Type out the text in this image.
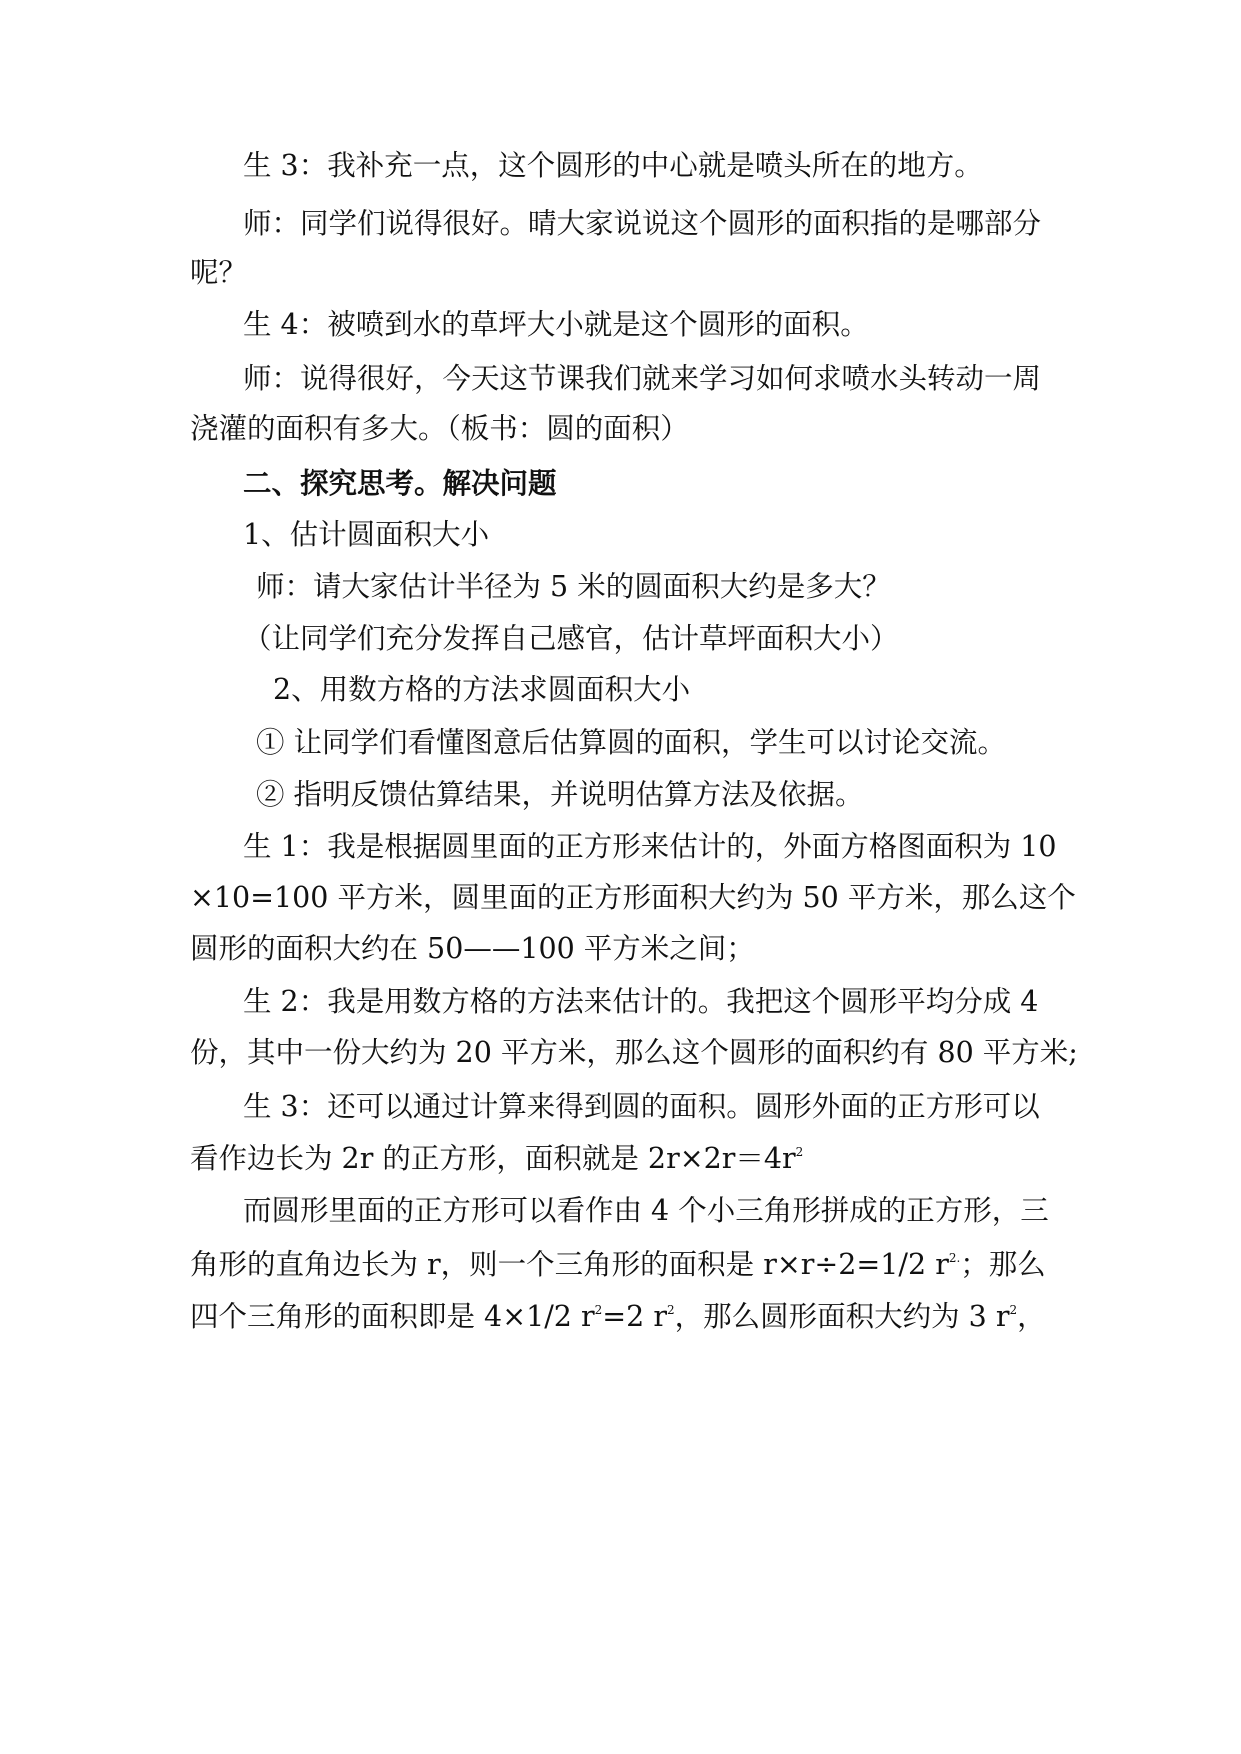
生 3：我补充一点，这个圆形的中心就是喷头所在的地方。

师：同学们说得很好。晴大家说说这个圆形的面积指的是哪部分

呢？

生 4：被喷到水的草坪大小就是这个圆形的面积。

师：说得很好，今天这节课我们就来学习如何求喷水头转动一周

浇灌的面积有多大。（板书：圆的面积）

二、探究思考。解决问题

1、估计圆面积大小

师：请大家估计半径为 5 米的圆面积大约是多大？

（让同学们充分发挥自己感官，估计草坪面积大小）

2、用数方格的方法求圆面积大小

① 让同学们看懂图意后估算圆的面积，学生可以讨论交流。

② 指明反馈估算结果，并说明估算方法及依据。

生 1：我是根据圆里面的正方形来估计的，外面方格图面积为 10

×10=100 平方米，圆里面的正方形面积大约为 50 平方米，那么这个

圆形的面积大约在 50——100 平方米之间；

生 2：我是用数方格的方法来估计的。我把这个圆形平均分成 4

份，其中一份大约为 20 平方米，那么这个圆形的面积约有 80 平方米;

生 3：还可以通过计算来得到圆的面积。圆形外面的正方形可以

看作边长为 2r 的正方形，面积就是 $2r\times 2r=4r^2$

而圆形里面的正方形可以看作由 4 个小三角形拼成的正方形，三

角形的直角边长为 r，则一个三角形的面积是 r×r÷2=1/2 $r^{2.}$；那么

四个三角形的面积即是 4×1/2 $r^2=2$ $r^2$，那么圆形面积大约为 3 $r^2$，
